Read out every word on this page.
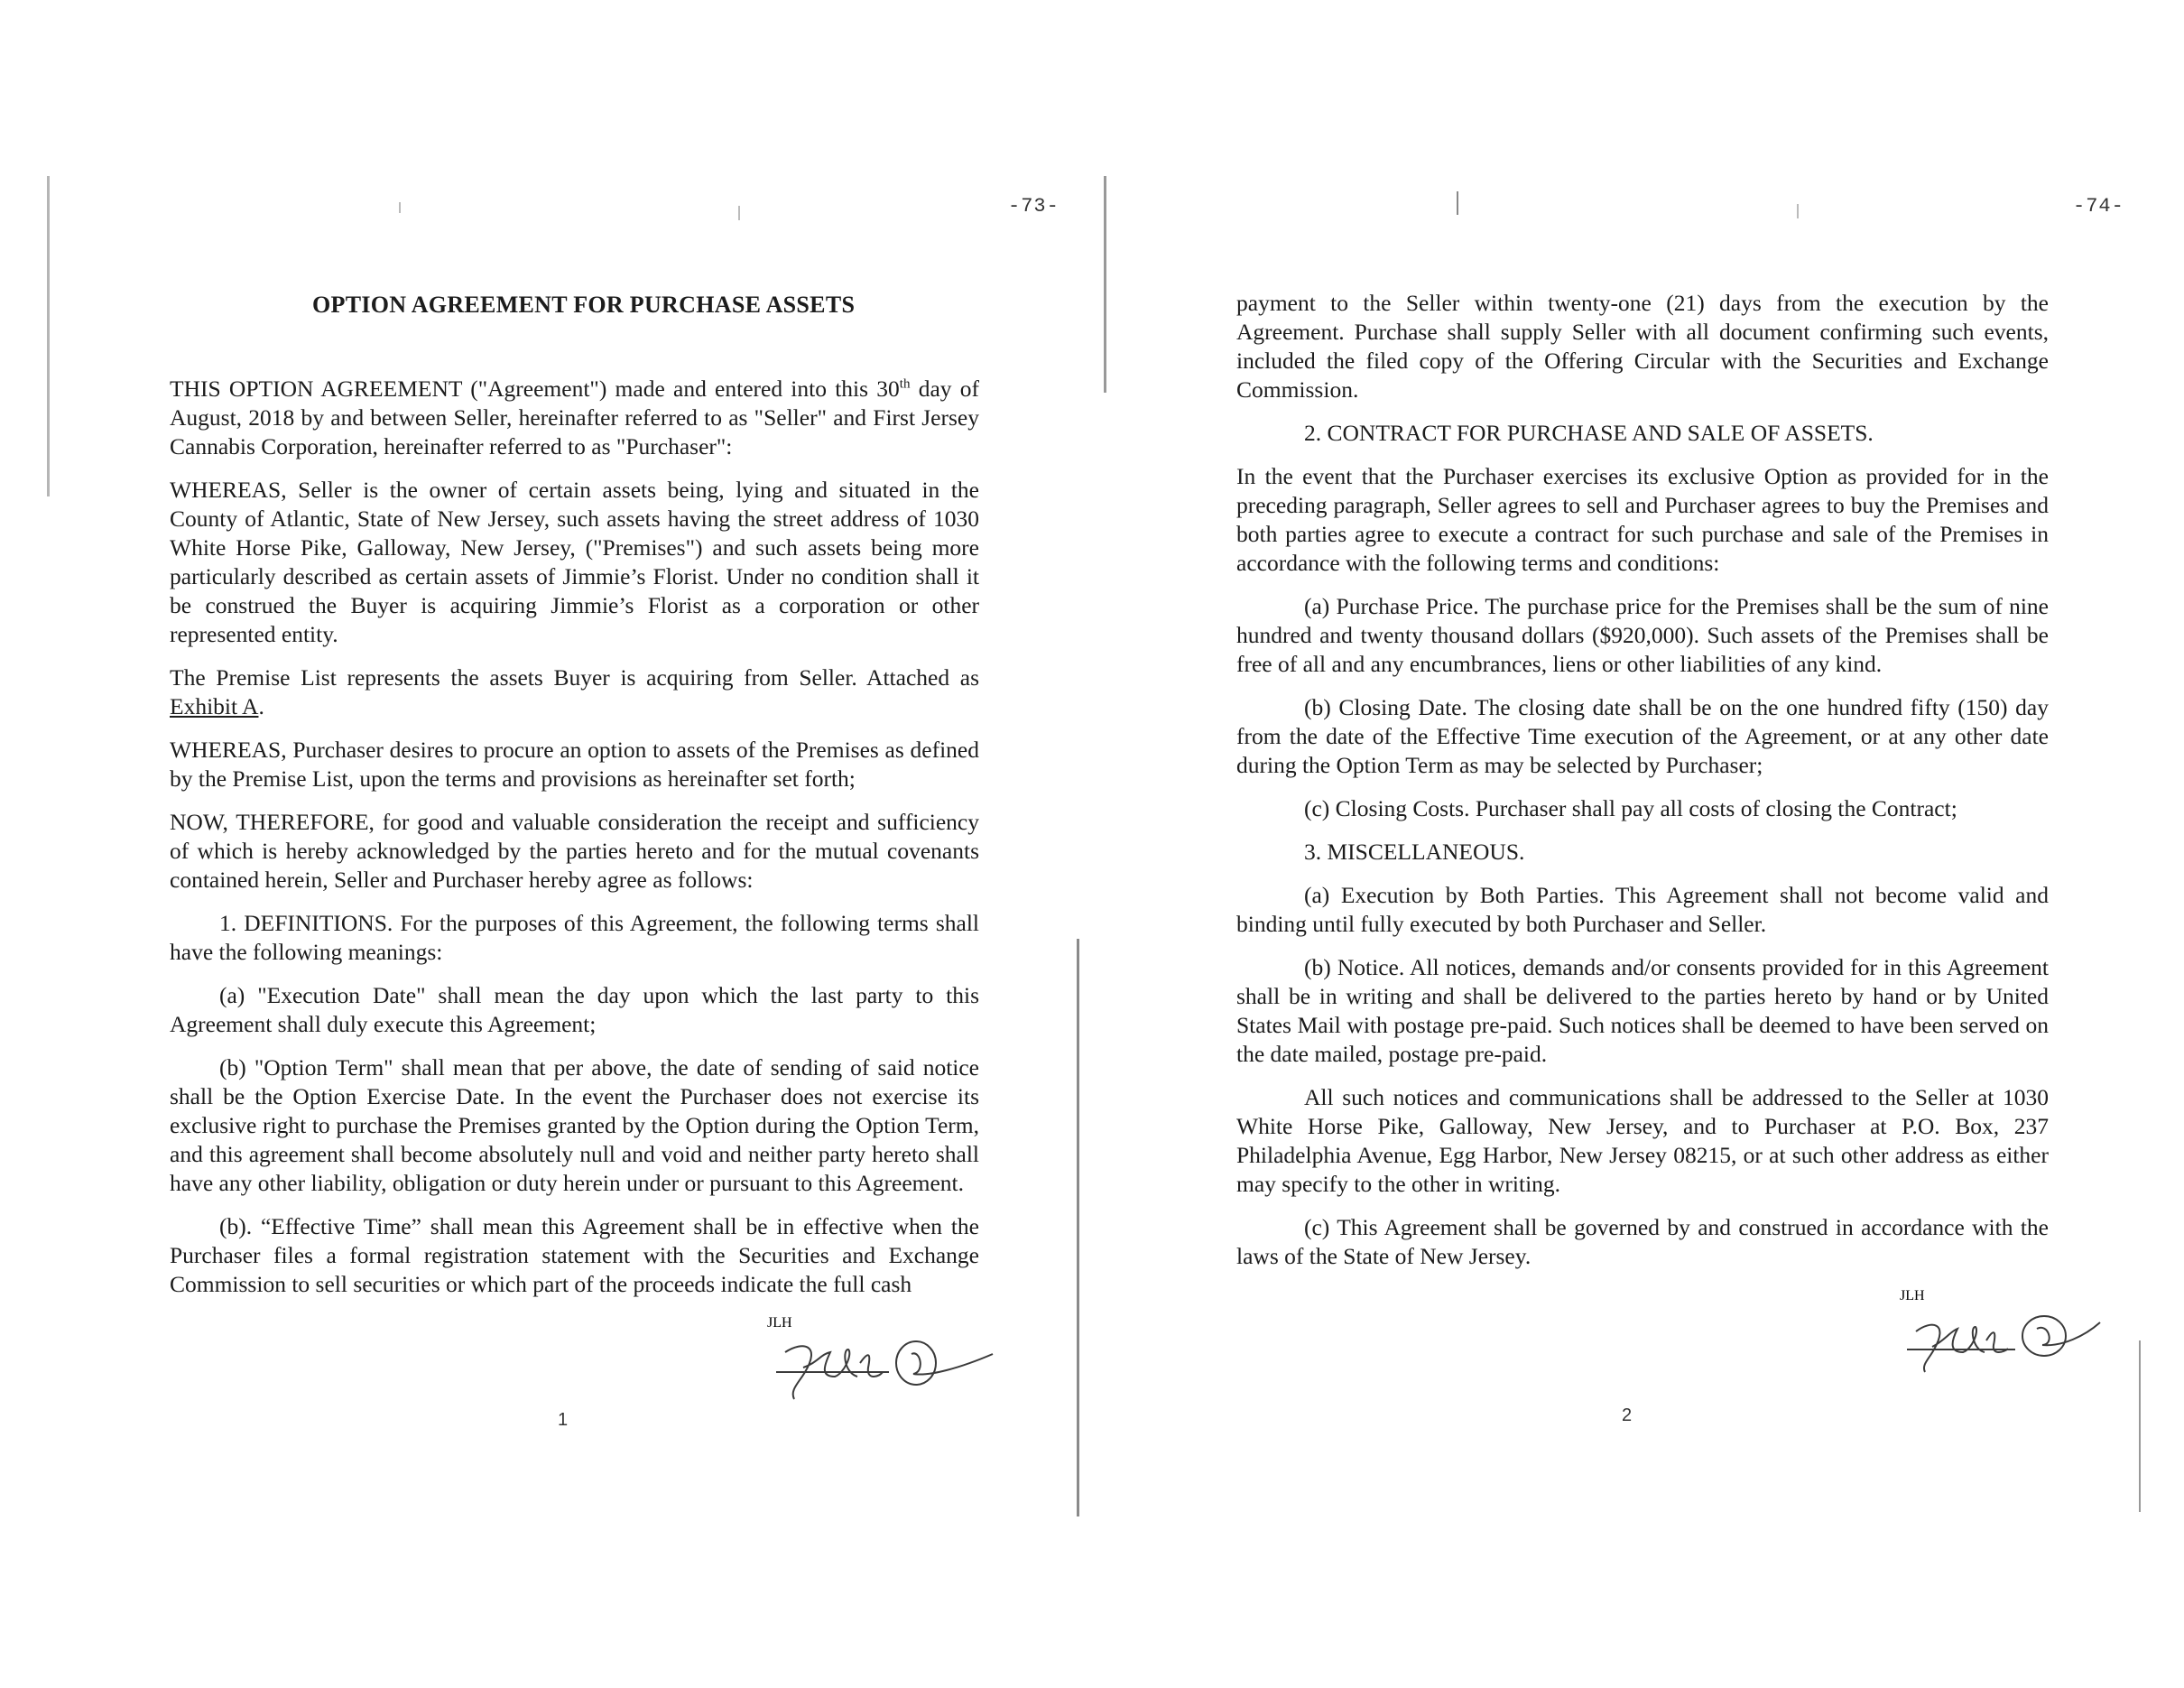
-73-
OPTION AGREEMENT FOR PURCHASE ASSETS

THIS OPTION AGREEMENT ("Agreement") made and entered into this 30th day of August, 2018 by and between Seller, hereinafter referred to as "Seller" and First Jersey Cannabis Corporation, hereinafter referred to as "Purchaser":

WHEREAS, Seller is the owner of certain assets being, lying and situated in the County of Atlantic, State of New Jersey, such assets having the street address of 1030 White Horse Pike, Galloway, New Jersey, ("Premises") and such assets being more particularly described as certain assets of Jimmie’s Florist. Under no condition shall it be construed the Buyer is acquiring Jimmie’s Florist as a corporation or other represented entity.

The Premise List represents the assets Buyer is acquiring from Seller. Attached as Exhibit A.

WHEREAS, Purchaser desires to procure an option to assets of the Premises as defined by the Premise List, upon the terms and provisions as hereinafter set forth;

NOW, THEREFORE, for good and valuable consideration the receipt and sufficiency of which is hereby acknowledged by the parties hereto and for the mutual covenants contained herein, Seller and Purchaser hereby agree as follows:

1. DEFINITIONS. For the purposes of this Agreement, the following terms shall have the following meanings:

(a) "Execution Date" shall mean the day upon which the last party to this Agreement shall duly execute this Agreement;

(b) "Option Term" shall mean that per above, the date of sending of said notice shall be the Option Exercise Date. In the event the Purchaser does not exercise its exclusive right to purchase the Premises granted by the Option during the Option Term, and this agreement shall become absolutely null and void and neither party hereto shall have any other liability, obligation or duty herein under or pursuant to this Agreement.

(b). “Effective Time” shall mean this Agreement shall be in effective when the Purchaser files a formal registration statement with the Securities and Exchange Commission to sell securities or which part of the proceeds indicate the full cash

JLH
1
-74-

payment to the Seller within twenty-one (21) days from the execution by the Agreement. Purchase shall supply Seller with all document confirming such events, included the filed copy of the Offering Circular with the Securities and Exchange Commission.

2. CONTRACT FOR PURCHASE AND SALE OF ASSETS.

In the event that the Purchaser exercises its exclusive Option as provided for in the preceding paragraph, Seller agrees to sell and Purchaser agrees to buy the Premises and both parties agree to execute a contract for such purchase and sale of the Premises in accordance with the following terms and conditions:

(a) Purchase Price. The purchase price for the Premises shall be the sum of nine hundred and twenty thousand dollars ($920,000). Such assets of the Premises shall be free of all and any encumbrances, liens or other liabilities of any kind.

(b) Closing Date. The closing date shall be on the one hundred fifty (150) day from the date of the Effective Time execution of the Agreement, or at any other date during the Option Term as may be selected by Purchaser;

(c) Closing Costs. Purchaser shall pay all costs of closing the Contract;

3. MISCELLANEOUS.

(a) Execution by Both Parties. This Agreement shall not become valid and binding until fully executed by both Purchaser and Seller.

(b) Notice. All notices, demands and/or consents provided for in this Agreement shall be in writing and shall be delivered to the parties hereto by hand or by United States Mail with postage pre-paid. Such notices shall be deemed to have been served on the date mailed, postage pre-paid.

All such notices and communications shall be addressed to the Seller at 1030 White Horse Pike, Galloway, New Jersey, and to Purchaser at P.O. Box, 237 Philadelphia Avenue, Egg Harbor, New Jersey 08215, or at such other address as either may specify to the other in writing.

(c) This Agreement shall be governed by and construed in accordance with the laws of the State of New Jersey.

JLH
2
